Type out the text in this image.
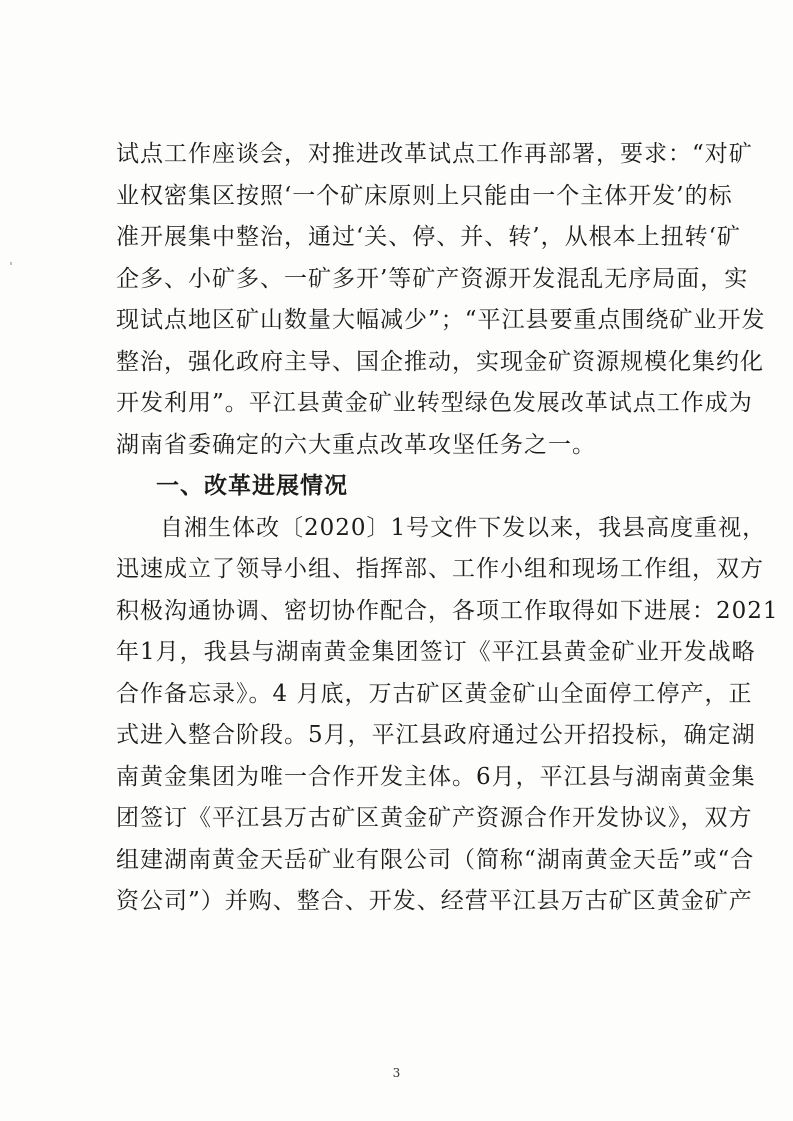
试点工作座谈会，对推进改革试点工作再部署，要求：“对矿
业权密集区按照‘一个矿床原则上只能由一个主体开发’的标
准开展集中整治，通过‘关、停、并、转’，从根本上扭转‘矿
企多、小矿多、一矿多开’等矿产资源开发混乱无序局面，实
现试点地区矿山数量大幅减少”；“平江县要重点围绕矿业开发
整治，强化政府主导、国企推动，实现金矿资源规模化集约化
开发利用”。平江县黄金矿业转型绿色发展改革试点工作成为
湖南省委确定的六大重点改革攻坚任务之一。
一、改革进展情况
自湘生体改〔2020〕1号文件下发以来，我县高度重视，
迅速成立了领导小组、指挥部、工作小组和现场工作组，双方
积极沟通协调、密切协作配合，各项工作取得如下进展：2021
年1月，我县与湖南黄金集团签订《平江县黄金矿业开发战略
合作备忘录》。4 月底，万古矿区黄金矿山全面停工停产，正
式进入整合阶段。5月，平江县政府通过公开招投标，确定湖
南黄金集团为唯一合作开发主体。6月，平江县与湖南黄金集
团签订《平江县万古矿区黄金矿产资源合作开发协议》，双方
组建湖南黄金天岳矿业有限公司（简称“湖南黄金天岳”或“合
资公司”）并购、整合、开发、经营平江县万古矿区黄金矿产
3
